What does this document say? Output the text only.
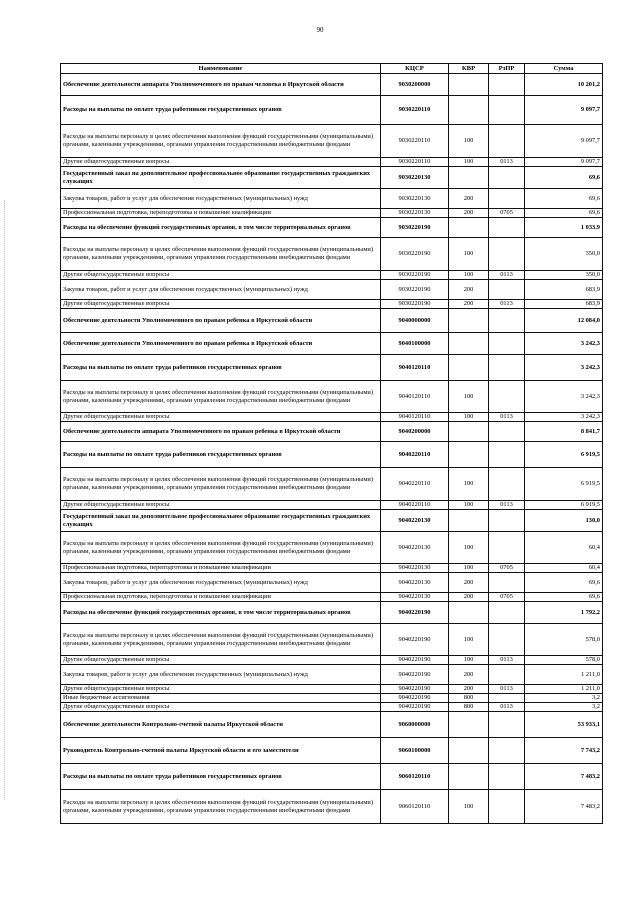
90
Наименование	КЦСР	КВР	РзПР	Сумма
Обеспечение деятельности аппарата Уполномоченного по правам человека в Иркутской области	9030200000			10 201,2
Расходы на выплаты по оплате труда работников государственных органов	9030220110			9 097,7
Расходы на выплаты персоналу в целях обеспечения выполнения функций государственными (муниципальными) органами, казенными учреждениями, органами управления государственными внебюджетными фондами	9030220110	100		9 097,7
Другие общегосударственные вопросы	9030220110	100	0113	9 097,7
Государственный заказ на дополнительное профессиональное образование государственных гражданских служащих	9030220130			69,6
Закупка товаров, работ и услуг для обеспечения государственных (муниципальных) нужд	9030220130	200		69,6
Профессиональная подготовка, переподготовка и повышение квалификации	9030220130	200	0705	69,6
Расходы на обеспечение функций государственных органов, в том числе территориальных органов	9030220190			1 033,9
Расходы на выплаты персоналу в целях обеспечения выполнения функций государственными (муниципальными) органами, казенными учреждениями, органами управления государственными внебюджетными фондами	9030220190	100		350,0
Другие общегосударственные вопросы	9030220190	100	0113	350,0
Закупка товаров, работ и услуг для обеспечения государственных (муниципальных) нужд	9030220190	200		683,9
Другие общегосударственные вопросы	9030220190	200	0113	683,9
Обеспечение деятельности Уполномоченного по правам ребенка в Иркутской области	9040000000			12 084,0
Обеспечение деятельности Уполномоченного по правам ребенка в Иркутской области	9040100000			3 242,3
Расходы на выплаты по оплате труда работников государственных органов	9040120110			3 242,3
Расходы на выплаты персоналу в целях обеспечения выполнения функций государственными (муниципальными) органами, казенными учреждениями, органами управления государственными внебюджетными фондами	9040120110	100		3 242,3
Другие общегосударственные вопросы	9040120110	100	0113	3 242,3
Обеспечение деятельности аппарата Уполномоченного по правам ребенка в Иркутской области	9040200000			8 841,7
Расходы на выплаты по оплате труда работников государственных органов	9040220110			6 919,5
Расходы на выплаты персоналу в целях обеспечения выполнения функций государственными (муниципальными) органами, казенными учреждениями, органами управления государственными внебюджетными фондами	9040220110	100		6 919,5
Другие общегосударственные вопросы	9040220110	100	0113	6 919,5
Государственный заказ на дополнительное профессиональное образование государственных гражданских служащих	9040220130			130,0
Расходы на выплаты персоналу в целях обеспечения выполнения функций государственными (муниципальными) органами, казенными учреждениями, органами управления государственными внебюджетными фондами	9040220130	100		60,4
Профессиональная подготовка, переподготовка и повышение квалификации	9040220130	100	0705	60,4
Закупка товаров, работ и услуг для обеспечения государственных (муниципальных) нужд	9040220130	200		69,6
Профессиональная подготовка, переподготовка и повышение квалификации	9040220130	200	0705	69,6
Расходы на обеспечение функций государственных органов, в том числе территориальных органов	9040220190			1 792,2
Расходы на выплаты персоналу в целях обеспечения выполнения функций государственными (муниципальными) органами, казенными учреждениями, органами управления государственными внебюджетными фондами	9040220190	100		578,0
Другие общегосударственные вопросы	9040220190	100	0113	578,0
Закупка товаров, работ и услуг для обеспечения государственных (муниципальных) нужд	9040220190	200		1 211,0
Другие общегосударственные вопросы	9040220190	200	0113	1 211,0
Иные бюджетные ассигнования	9040220190	800		3,2
Другие общегосударственные вопросы	9040220190	800	0113	3,2
Обеспечение деятельности Контрольно-счетной палаты Иркутской области	9060000000			53 933,1
Руководитель Контрольно-счетной палаты Иркутской области и его заместители	9060100000			7 743,2
Расходы на выплаты по оплате труда работников государственных органов	9060120110			7 483,2
Расходы на выплаты персоналу в целях обеспечения выполнения функций государственными (муниципальными) органами, казенными учреждениями, органами управления государственными внебюджетными фондами	9060120110	100		7 483,2
